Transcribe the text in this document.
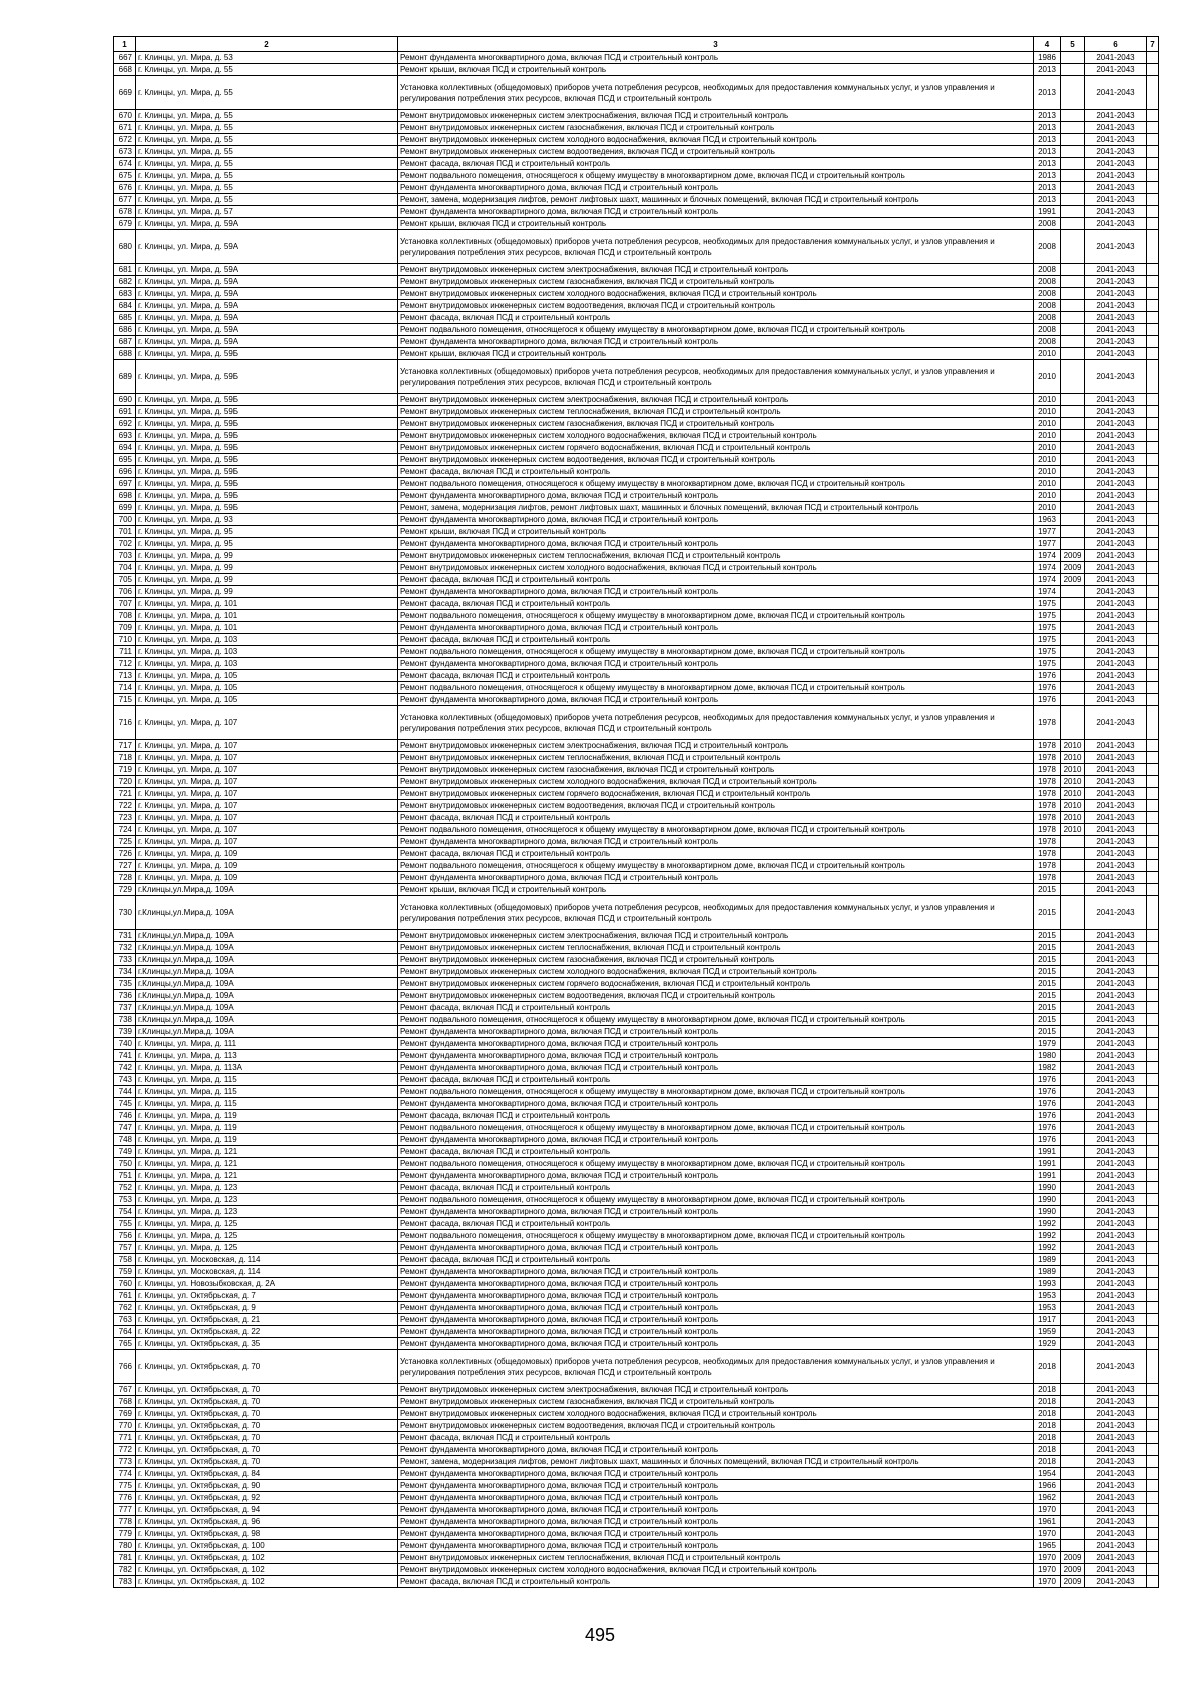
1	2	3	4	5	6	7
667	г. Клинцы, ул. Мира, д. 53	Ремонт фундамента многоквартирного дома, включая ПСД и строительный контроль	1986		2041-2043	
668	г. Клинцы, ул. Мира, д. 55	Ремонт крыши, включая ПСД и строительный контроль	2013		2041-2043	
669	г. Клинцы, ул. Мира, д. 55	Установка коллективных (общедомовых) приборов учета потребления ресурсов, необходимых для предоставления коммунальных услуг, и узлов управления и регулирования потребления этих ресурсов, включая ПСД и строительный контроль	2013		2041-2043	
670	г. Клинцы, ул. Мира, д. 55	Ремонт внутридомовых инженерных систем электроснабжения, включая ПСД и строительный контроль	2013		2041-2043	
671	г. Клинцы, ул. Мира, д. 55	Ремонт внутридомовых инженерных систем газоснабжения, включая ПСД и строительный контроль	2013		2041-2043	
672	г. Клинцы, ул. Мира, д. 55	Ремонт внутридомовых инженерных систем холодного водоснабжения, включая ПСД и строительный контроль	2013		2041-2043	
673	г. Клинцы, ул. Мира, д. 55	Ремонт внутридомовых инженерных систем водоотведения, включая ПСД и строительный контроль	2013		2041-2043	
674	г. Клинцы, ул. Мира, д. 55	Ремонт фасада, включая ПСД и строительный контроль	2013		2041-2043	
675	г. Клинцы, ул. Мира, д. 55	Ремонт подвального помещения, относящегося к общему имуществу в многоквартирном доме, включая ПСД и строительный контроль	2013		2041-2043	
676	г. Клинцы, ул. Мира, д. 55	Ремонт фундамента многоквартирного дома, включая ПСД и строительный контроль	2013		2041-2043	
677	г. Клинцы, ул. Мира, д. 55	Ремонт, замена, модернизация лифтов, ремонт лифтовых шахт, машинных и блочных помещений, включая ПСД и строительный контроль	2013		2041-2043	
678	г. Клинцы, ул. Мира, д. 57	Ремонт фундамента многоквартирного дома, включая ПСД и строительный контроль	1991		2041-2043	
679	г. Клинцы, ул. Мира, д. 59А	Ремонт крыши, включая ПСД и строительный контроль	2008		2041-2043	
680	г. Клинцы, ул. Мира, д. 59А	Установка коллективных (общедомовых) приборов учета потребления ресурсов, необходимых для предоставления коммунальных услуг, и узлов управления и регулирования потребления этих ресурсов, включая ПСД и строительный контроль	2008		2041-2043	
681	г. Клинцы, ул. Мира, д. 59А	Ремонт внутридомовых инженерных систем электроснабжения, включая ПСД и строительный контроль	2008		2041-2043	
682	г. Клинцы, ул. Мира, д. 59А	Ремонт внутридомовых инженерных систем газоснабжения, включая ПСД и строительный контроль	2008		2041-2043	
683	г. Клинцы, ул. Мира, д. 59А	Ремонт внутридомовых инженерных систем холодного водоснабжения, включая ПСД и строительный контроль	2008		2041-2043	
684	г. Клинцы, ул. Мира, д. 59А	Ремонт внутридомовых инженерных систем водоотведения, включая ПСД и строительный контроль	2008		2041-2043	
685	г. Клинцы, ул. Мира, д. 59А	Ремонт фасада, включая ПСД и строительный контроль	2008		2041-2043	
686	г. Клинцы, ул. Мира, д. 59А	Ремонт подвального помещения, относящегося к общему имуществу в многоквартирном доме, включая ПСД и строительный контроль	2008		2041-2043	
687	г. Клинцы, ул. Мира, д. 59А	Ремонт фундамента многоквартирного дома, включая ПСД и строительный контроль	2008		2041-2043	
688	г. Клинцы, ул. Мира, д. 59Б	Ремонт крыши, включая ПСД и строительный контроль	2010		2041-2043	
689	г. Клинцы, ул. Мира, д. 59Б	Установка коллективных (общедомовых) приборов учета потребления ресурсов, необходимых для предоставления коммунальных услуг, и узлов управления и регулирования потребления этих ресурсов, включая ПСД и строительный контроль	2010		2041-2043	
690	г. Клинцы, ул. Мира, д. 59Б	Ремонт внутридомовых инженерных систем электроснабжения, включая ПСД и строительный контроль	2010		2041-2043	
691	г. Клинцы, ул. Мира, д. 59Б	Ремонт внутридомовых инженерных систем теплоснабжения, включая ПСД и строительный контроль	2010		2041-2043	
692	г. Клинцы, ул. Мира, д. 59Б	Ремонт внутридомовых инженерных систем газоснабжения, включая ПСД и строительный контроль	2010		2041-2043	
693	г. Клинцы, ул. Мира, д. 59Б	Ремонт внутридомовых инженерных систем холодного водоснабжения, включая ПСД и строительный контроль	2010		2041-2043	
694	г. Клинцы, ул. Мира, д. 59Б	Ремонт внутридомовых инженерных систем горячего водоснабжения, включая ПСД и строительный контроль	2010		2041-2043	
695	г. Клинцы, ул. Мира, д. 59Б	Ремонт внутридомовых инженерных систем водоотведения, включая ПСД и строительный контроль	2010		2041-2043	
696	г. Клинцы, ул. Мира, д. 59Б	Ремонт фасада, включая ПСД и строительный контроль	2010		2041-2043	
697	г. Клинцы, ул. Мира, д. 59Б	Ремонт подвального помещения, относящегося к общему имуществу в многоквартирном доме, включая ПСД и строительный контроль	2010		2041-2043	
698	г. Клинцы, ул. Мира, д. 59Б	Ремонт фундамента многоквартирного дома, включая ПСД и строительный контроль	2010		2041-2043	
699	г. Клинцы, ул. Мира, д. 59Б	Ремонт, замена, модернизация лифтов, ремонт лифтовых шахт, машинных и блочных помещений, включая ПСД и строительный контроль	2010		2041-2043	
700	г. Клинцы, ул. Мира, д. 93	Ремонт фундамента многоквартирного дома, включая ПСД и строительный контроль	1963		2041-2043	
701	г. Клинцы, ул. Мира, д. 95	Ремонт крыши, включая ПСД и строительный контроль	1977		2041-2043	
702	г. Клинцы, ул. Мира, д. 95	Ремонт фундамента многоквартирного дома, включая ПСД и строительный контроль	1977		2041-2043	
703	г. Клинцы, ул. Мира, д. 99	Ремонт внутридомовых инженерных систем теплоснабжения, включая ПСД и строительный контроль	1974	2009	2041-2043	
704	г. Клинцы, ул. Мира, д. 99	Ремонт внутридомовых инженерных систем холодного водоснабжения, включая ПСД и строительный контроль	1974	2009	2041-2043	
705	г. Клинцы, ул. Мира, д. 99	Ремонт фасада, включая ПСД и строительный контроль	1974	2009	2041-2043	
706	г. Клинцы, ул. Мира, д. 99	Ремонт фундамента многоквартирного дома, включая ПСД и строительный контроль	1974		2041-2043	
707	г. Клинцы, ул. Мира, д. 101	Ремонт фасада, включая ПСД и строительный контроль	1975		2041-2043	
708	г. Клинцы, ул. Мира, д. 101	Ремонт подвального помещения, относящегося к общему имуществу в многоквартирном доме, включая ПСД и строительный контроль	1975		2041-2043	
709	г. Клинцы, ул. Мира, д. 101	Ремонт фундамента многоквартирного дома, включая ПСД и строительный контроль	1975		2041-2043	
710	г. Клинцы, ул. Мира, д. 103	Ремонт фасада, включая ПСД и строительный контроль	1975		2041-2043	
711	г. Клинцы, ул. Мира, д. 103	Ремонт подвального помещения, относящегося к общему имуществу в многоквартирном доме, включая ПСД и строительный контроль	1975		2041-2043	
712	г. Клинцы, ул. Мира, д. 103	Ремонт фундамента многоквартирного дома, включая ПСД и строительный контроль	1975		2041-2043	
713	г. Клинцы, ул. Мира, д. 105	Ремонт фасада, включая ПСД и строительный контроль	1976		2041-2043	
714	г. Клинцы, ул. Мира, д. 105	Ремонт подвального помещения, относящегося к общему имуществу в многоквартирном доме, включая ПСД и строительный контроль	1976		2041-2043	
715	г. Клинцы, ул. Мира, д. 105	Ремонт фундамента многоквартирного дома, включая ПСД и строительный контроль	1976		2041-2043	
716	г. Клинцы, ул. Мира, д. 107	Установка коллективных (общедомовых) приборов учета потребления ресурсов, необходимых для предоставления коммунальных услуг, и узлов управления и регулирования потребления этих ресурсов, включая ПСД и строительный контроль	1978		2041-2043	
717	г. Клинцы, ул. Мира, д. 107	Ремонт внутридомовых инженерных систем электроснабжения, включая ПСД и строительный контроль	1978	2010	2041-2043	
718	г. Клинцы, ул. Мира, д. 107	Ремонт внутридомовых инженерных систем теплоснабжения, включая ПСД и строительный контроль	1978	2010	2041-2043	
719	г. Клинцы, ул. Мира, д. 107	Ремонт внутридомовых инженерных систем газоснабжения, включая ПСД и строительный контроль	1978	2010	2041-2043	
720	г. Клинцы, ул. Мира, д. 107	Ремонт внутридомовых инженерных систем холодного водоснабжения, включая ПСД и строительный контроль	1978	2010	2041-2043	
721	г. Клинцы, ул. Мира, д. 107	Ремонт внутридомовых инженерных систем горячего водоснабжения, включая ПСД и строительный контроль	1978	2010	2041-2043	
722	г. Клинцы, ул. Мира, д. 107	Ремонт внутридомовых инженерных систем водоотведения, включая ПСД и строительный контроль	1978	2010	2041-2043	
723	г. Клинцы, ул. Мира, д. 107	Ремонт фасада, включая ПСД и строительный контроль	1978	2010	2041-2043	
724	г. Клинцы, ул. Мира, д. 107	Ремонт подвального помещения, относящегося к общему имуществу в многоквартирном доме, включая ПСД и строительный контроль	1978	2010	2041-2043	
725	г. Клинцы, ул. Мира, д. 107	Ремонт фундамента многоквартирного дома, включая ПСД и строительный контроль	1978		2041-2043	
726	г. Клинцы, ул. Мира, д. 109	Ремонт фасада, включая ПСД и строительный контроль	1978		2041-2043	
727	г. Клинцы, ул. Мира, д. 109	Ремонт подвального помещения, относящегося к общему имуществу в многоквартирном доме, включая ПСД и строительный контроль	1978		2041-2043	
728	г. Клинцы, ул. Мира, д. 109	Ремонт фундамента многоквартирного дома, включая ПСД и строительный контроль	1978		2041-2043	
729	г.Клинцы,ул.Мира,д. 109А	Ремонт крыши, включая ПСД и строительный контроль	2015		2041-2043	
730	г.Клинцы,ул.Мира,д. 109А	Установка коллективных (общедомовых) приборов учета потребления ресурсов, необходимых для предоставления коммунальных услуг, и узлов управления и регулирования потребления этих ресурсов, включая ПСД и строительный контроль	2015		2041-2043	
731	г.Клинцы,ул.Мира,д. 109А	Ремонт внутридомовых инженерных систем электроснабжения, включая ПСД и строительный контроль	2015		2041-2043	
732	г.Клинцы,ул.Мира,д. 109А	Ремонт внутридомовых инженерных систем теплоснабжения, включая ПСД и строительный контроль	2015		2041-2043	
733	г.Клинцы,ул.Мира,д. 109А	Ремонт внутридомовых инженерных систем газоснабжения, включая ПСД и строительный контроль	2015		2041-2043	
734	г.Клинцы,ул.Мира,д. 109А	Ремонт внутридомовых инженерных систем холодного водоснабжения, включая ПСД и строительный контроль	2015		2041-2043	
735	г.Клинцы,ул.Мира,д. 109А	Ремонт внутридомовых инженерных систем горячего водоснабжения, включая ПСД и строительный контроль	2015		2041-2043	
736	г.Клинцы,ул.Мира,д. 109А	Ремонт внутридомовых инженерных систем водоотведения, включая ПСД и строительный контроль	2015		2041-2043	
737	г.Клинцы,ул.Мира,д. 109А	Ремонт фасада, включая ПСД и строительный контроль	2015		2041-2043	
738	г.Клинцы,ул.Мира,д. 109А	Ремонт подвального помещения, относящегося к общему имуществу в многоквартирном доме, включая ПСД и строительный контроль	2015		2041-2043	
739	г.Клинцы,ул.Мира,д. 109А	Ремонт фундамента многоквартирного дома, включая ПСД и строительный контроль	2015		2041-2043	
740	г. Клинцы, ул. Мира, д. 111	Ремонт фундамента многоквартирного дома, включая ПСД и строительный контроль	1979		2041-2043	
741	г. Клинцы, ул. Мира, д. 113	Ремонт фундамента многоквартирного дома, включая ПСД и строительный контроль	1980		2041-2043	
742	г. Клинцы, ул. Мира, д. 113А	Ремонт фундамента многоквартирного дома, включая ПСД и строительный контроль	1982		2041-2043	
743	г. Клинцы, ул. Мира, д. 115	Ремонт фасада, включая ПСД и строительный контроль	1976		2041-2043	
744	г. Клинцы, ул. Мира, д. 115	Ремонт подвального помещения, относящегося к общему имуществу в многоквартирном доме, включая ПСД и строительный контроль	1976		2041-2043	
745	г. Клинцы, ул. Мира, д. 115	Ремонт фундамента многоквартирного дома, включая ПСД и строительный контроль	1976		2041-2043	
746	г. Клинцы, ул. Мира, д. 119	Ремонт фасада, включая ПСД и строительный контроль	1976		2041-2043	
747	г. Клинцы, ул. Мира, д. 119	Ремонт подвального помещения, относящегося к общему имуществу в многоквартирном доме, включая ПСД и строительный контроль	1976		2041-2043	
748	г. Клинцы, ул. Мира, д. 119	Ремонт фундамента многоквартирного дома, включая ПСД и строительный контроль	1976		2041-2043	
749	г. Клинцы, ул. Мира, д. 121	Ремонт фасада, включая ПСД и строительный контроль	1991		2041-2043	
750	г. Клинцы, ул. Мира, д. 121	Ремонт подвального помещения, относящегося к общему имуществу в многоквартирном доме, включая ПСД и строительный контроль	1991		2041-2043	
751	г. Клинцы, ул. Мира, д. 121	Ремонт фундамента многоквартирного дома, включая ПСД и строительный контроль	1991		2041-2043	
752	г. Клинцы, ул. Мира, д. 123	Ремонт фасада, включая ПСД и строительный контроль	1990		2041-2043	
753	г. Клинцы, ул. Мира, д. 123	Ремонт подвального помещения, относящегося к общему имуществу в многоквартирном доме, включая ПСД и строительный контроль	1990		2041-2043	
754	г. Клинцы, ул. Мира, д. 123	Ремонт фундамента многоквартирного дома, включая ПСД и строительный контроль	1990		2041-2043	
755	г. Клинцы, ул. Мира, д. 125	Ремонт фасада, включая ПСД и строительный контроль	1992		2041-2043	
756	г. Клинцы, ул. Мира, д. 125	Ремонт подвального помещения, относящегося к общему имуществу в многоквартирном доме, включая ПСД и строительный контроль	1992		2041-2043	
757	г. Клинцы, ул. Мира, д. 125	Ремонт фундамента многоквартирного дома, включая ПСД и строительный контроль	1992		2041-2043	
758	г. Клинцы, ул. Московская, д. 114	Ремонт фасада, включая ПСД и строительный контроль	1989		2041-2043	
759	г. Клинцы, ул. Московская, д. 114	Ремонт фундамента многоквартирного дома, включая ПСД и строительный контроль	1989		2041-2043	
760	г. Клинцы, ул. Новозыбковская, д. 2А	Ремонт фундамента многоквартирного дома, включая ПСД и строительный контроль	1993		2041-2043	
761	г. Клинцы, ул. Октябрьская, д. 7	Ремонт фундамента многоквартирного дома, включая ПСД и строительный контроль	1953		2041-2043	
762	г. Клинцы, ул. Октябрьская, д. 9	Ремонт фундамента многоквартирного дома, включая ПСД и строительный контроль	1953		2041-2043	
763	г. Клинцы, ул. Октябрьская, д. 21	Ремонт фундамента многоквартирного дома, включая ПСД и строительный контроль	1917		2041-2043	
764	г. Клинцы, ул. Октябрьская, д. 22	Ремонт фундамента многоквартирного дома, включая ПСД и строительный контроль	1959		2041-2043	
765	г. Клинцы, ул. Октябрьская, д. 35	Ремонт фундамента многоквартирного дома, включая ПСД и строительный контроль	1929		2041-2043	
766	г. Клинцы, ул. Октябрьская, д. 70	Установка коллективных (общедомовых) приборов учета потребления ресурсов, необходимых для предоставления коммунальных услуг, и узлов управления и регулирования потребления этих ресурсов, включая ПСД и строительный контроль	2018		2041-2043	
767	г. Клинцы, ул. Октябрьская, д. 70	Ремонт внутридомовых инженерных систем электроснабжения, включая ПСД и строительный контроль	2018		2041-2043	
768	г. Клинцы, ул. Октябрьская, д. 70	Ремонт внутридомовых инженерных систем газоснабжения, включая ПСД и строительный контроль	2018		2041-2043	
769	г. Клинцы, ул. Октябрьская, д. 70	Ремонт внутридомовых инженерных систем холодного водоснабжения, включая ПСД и строительный контроль	2018		2041-2043	
770	г. Клинцы, ул. Октябрьская, д. 70	Ремонт внутридомовых инженерных систем водоотведения, включая ПСД и строительный контроль	2018		2041-2043	
771	г. Клинцы, ул. Октябрьская, д. 70	Ремонт фасада, включая ПСД и строительный контроль	2018		2041-2043	
772	г. Клинцы, ул. Октябрьская, д. 70	Ремонт фундамента многоквартирного дома, включая ПСД и строительный контроль	2018		2041-2043	
773	г. Клинцы, ул. Октябрьская, д. 70	Ремонт, замена, модернизация лифтов, ремонт лифтовых шахт, машинных и блочных помещений, включая ПСД и строительный контроль	2018		2041-2043	
774	г. Клинцы, ул. Октябрьская, д. 84	Ремонт фундамента многоквартирного дома, включая ПСД и строительный контроль	1954		2041-2043	
775	г. Клинцы, ул. Октябрьская, д. 90	Ремонт фундамента многоквартирного дома, включая ПСД и строительный контроль	1966		2041-2043	
776	г. Клинцы, ул. Октябрьская, д. 92	Ремонт фундамента многоквартирного дома, включая ПСД и строительный контроль	1962		2041-2043	
777	г. Клинцы, ул. Октябрьская, д. 94	Ремонт фундамента многоквартирного дома, включая ПСД и строительный контроль	1970		2041-2043	
778	г. Клинцы, ул. Октябрьская, д. 96	Ремонт фундамента многоквартирного дома, включая ПСД и строительный контроль	1961		2041-2043	
779	г. Клинцы, ул. Октябрьская, д. 98	Ремонт фундамента многоквартирного дома, включая ПСД и строительный контроль	1970		2041-2043	
780	г. Клинцы, ул. Октябрьская, д. 100	Ремонт фундамента многоквартирного дома, включая ПСД и строительный контроль	1965		2041-2043	
781	г. Клинцы, ул. Октябрьская, д. 102	Ремонт внутридомовых инженерных систем теплоснабжения, включая ПСД и строительный контроль	1970	2009	2041-2043	
782	г. Клинцы, ул. Октябрьская, д. 102	Ремонт внутридомовых инженерных систем холодного водоснабжения, включая ПСД и строительный контроль	1970	2009	2041-2043	
783	г. Клинцы, ул. Октябрьская, д. 102	Ремонт фасада, включая ПСД и строительный контроль	1970	2009	2041-2043	
495
